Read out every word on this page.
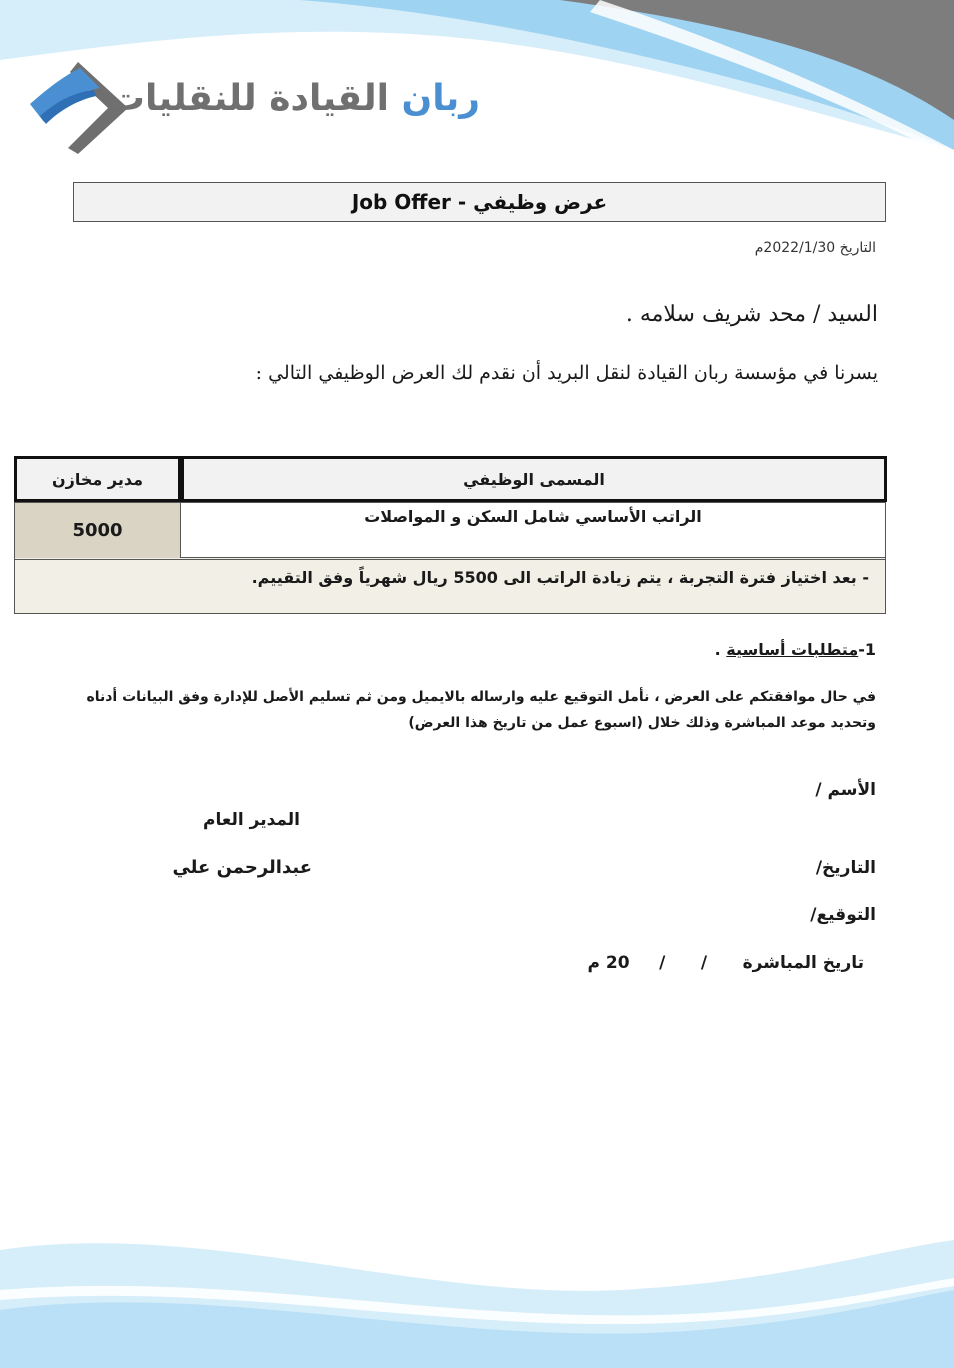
ربان القيادة للنقليات
عرض وظيفي - Job Offer
التاريخ 2022/1/30م
السيد / محد شريف سلامه .
يسرنا في مؤسسة ربان القيادة لنقل البريد أن نقدم لك العرض الوظيفي التالي :
المسمى الوظيفي
مدير مخازن
5000
الراتب الأساسي شامل السكن و المواصلات
- بعد اختياز فترة التجربة ، يتم زيادة الراتب الى 5500 ريال شهرياً وفق التقييم.
1-متطلبات أساسية .
في حال موافقتكم على العرض ، نأمل التوقيع عليه وارساله بالايميل ومن ثم تسليم الأصل للإدارة وفق البيانات أدناه وتحديد موعد المباشرة وذلك خلال (اسبوع عمل من تاريخ هذا العرض)
الأسم /
التاريخ/
التوقيع/
تاريخ المباشرة      /      /     20 م
المدير العام
عبدالرحمن علي
